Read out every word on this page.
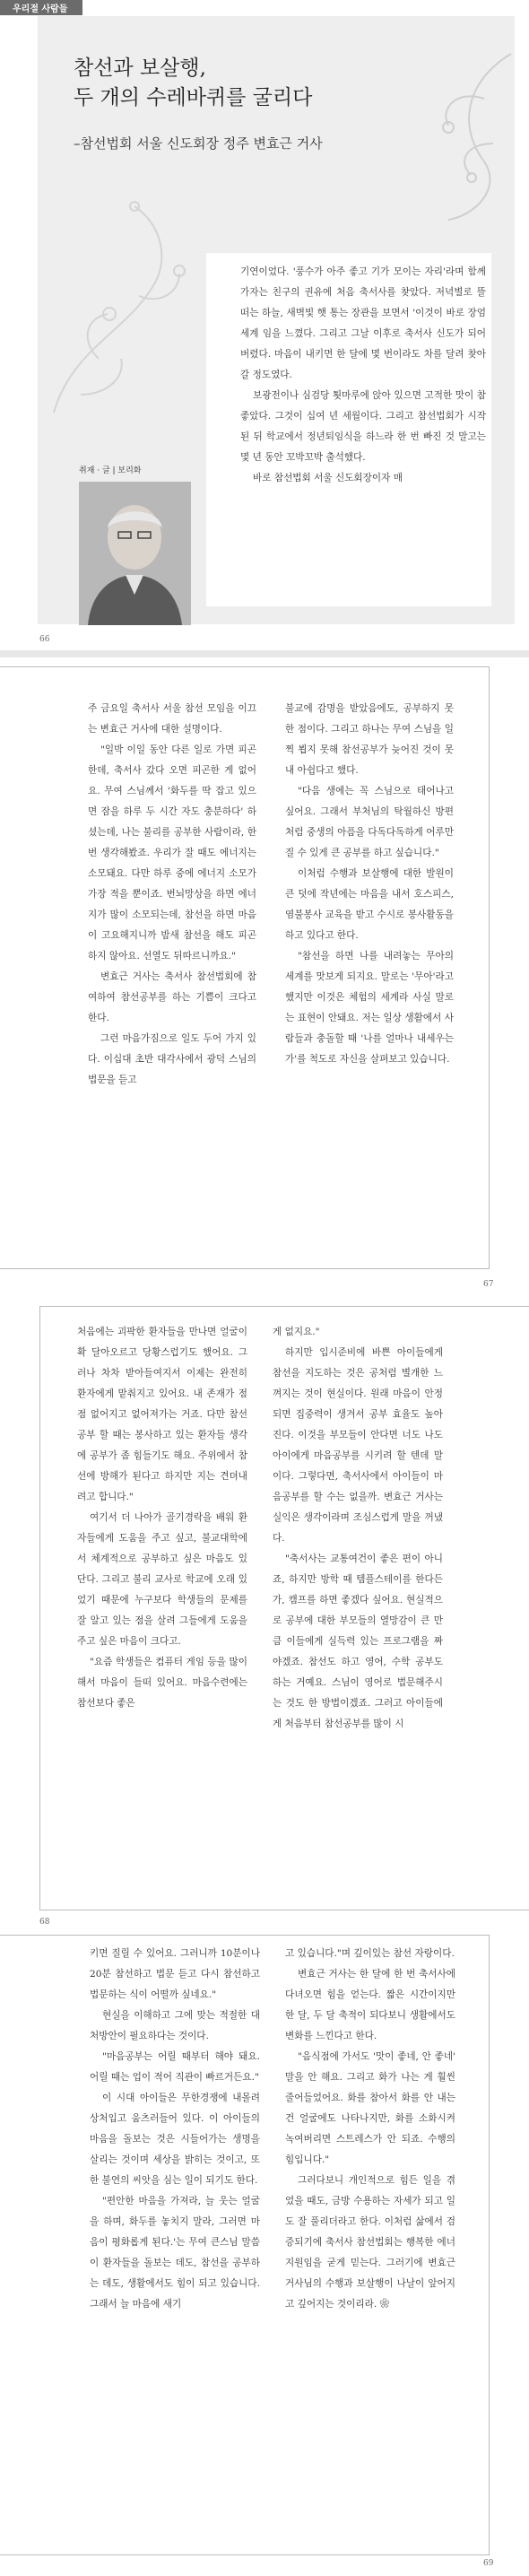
우리절 사람들
참선과 보살행,
두 개의 수레바퀴를 굴리다
–참선법회 서울 신도회장 정주 변효근 거사

기연이었다. '풍수가 아주 좋고 기가 모이는 자리'라며 함께 가자는 친구의 권유에 처음 축서사를 찾았다. 저녁별로 뜰 떠는 하늘, 새벽빛 햇 통는 장관을 보면서 '이것이 바로 장엄세계 임을 느꼈다. 그리고 그날 이후로 축서사 신도가 되어 버렸다. 마음이 내키면 한 달에 몇 번이라도 차를 달려 찾아갈 정도였다.

보광전이나 심검당 툇마루에 앉아 있으면 고적한 맛이 참 좋았다. 그것이 십여 년 세월이다. 그리고 참선법회가 시작된 뒤 학교에서 정년퇴임식을 하느라 한 번 빠진 것 말고는 몇 년 동안 꼬박꼬박 출석했다.

바로 참선법회 서울 신도회장이자 매

취재 · 글 | 보리화
66

주 금요일 축서사 서울 참선 모임을 이끄는 변효근 거사에 대한 설명이다.

"일박 이일 동안 다른 일로 가면 피곤한데, 축서사 갔다 오면 피곤한 게 없어요. 무여 스님께서 '화두를 딱 잡고 있으면 잠을 하루 두 시간 자도 충분하다' 하셨는데, 나는 불리를 공부한 사람이라, 한번 생각해봤죠. 우리가 잘 때도 에너지는 소모돼요. 다만 하루 중에 에너지 소모가 가장 적을 뿐이죠. 번뇌망상을 하면 에너지가 많이 소모되는데, 참선을 하면 마음이 고요해지니까 밤새 참선을 해도 피곤하지 않아요. 선열도 뒤따르니까요."

변효근 거사는 축서사 참선법회에 참여하여 참선공부를 하는 기쁨이 크다고 한다.

그런 마음가짐으로 일도 두어 가지 있다. 이십대 초반 대각사에서 광덕 스님의 법문을 듣고

불교에 감명을 받았음에도, 공부하지 못한 점이다. 그리고 하나는 무여 스님을 일찍 뵙지 못해 참선공부가 늦어진 것이 못내 아쉽다고 했다.

"다음 생에는 꼭 스님으로 태어나고 싶어요. 그래서 부처님의 탁월하신 방편처럼 중생의 아픔을 다독다독하게 어루만질 수 있게 큰 공부를 하고 싶습니다."

이처럼 수행과 보살행에 대한 발원이 큰 덧에 작년에는 마음을 내서 호스피스, 염불봉사 교육을 받고 수시로 봉사활동을 하고 있다고 한다.

"참선을 하면 나를 내려놓는 무아의 세계를 맛보게 되지요. 말로는 '무아'라고 했지만 이것은 체험의 세계라 사실 말로는 표현이 안돼요. 저는 일상 생활에서 사람들과 충돌할 때 '나를 얼마나 내세우는가'를 척도로 자신을 살펴보고 있습니다.

67

처음에는 괴팍한 환자들을 만나면 얼굴이 확 달아오르고 당황스럽기도 했어요. 그러나 차차 받아들여지서 이제는 완전히 환자에게 맡춰지고 있어요. 내 존재가 점점 없어지고 없어져가는 거죠. 다만 참선공부 할 때는 봉사하고 있는 환자들 생각에 공부가 좀 힘들기도 해요. 주위에서 참선에 방해가 된다고 하지만 지는 견뎌내려고 합니다."

여기서 더 나아가 골기경락을 배워 환자들에게 도움을 주고 싶고, 불교대학에서 체계적으로 공부하고 싶은 마음도 있단다. 그리고 불리 교사로 학교에 오래 있었기 때문에 누구보다 학생들의 문제를 잘 알고 있는 점을 살려 그들에게 도움을 주고 싶은 마음이 크다고.

"요즘 학생들은 컴퓨터 게임 등을 많이 해서 마음이 들떠 있어요. 마음수련에는 참선보다 좋은

게 없지요."

하지만 입시준비에 바쁜 아이들에게 참선을 지도하는 것은 공처럼 별개한 느껴지는 것이 현실이다. 원래 마음이 안정되면 집중력이 생겨서 공부 효율도 높아진다. 이것을 부모들이 안다면 너도 나도 아이에게 마음공부를 시키려 할 텐데 말이다. 그렇다면, 축서사에서 아이들이 마음공부를 할 수는 없을까. 변효근 거사는 실익은 생각이라며 조심스럽게 말을 꺼냈다.

"축서사는 교통여건이 좋은 편이 아니죠, 하지만 방학 때 템플스테이를 한다든가, 캠프를 하면 좋겠다 싶어요. 현실적으로 공부에 대한 부모들의 열망감이 큰 만큼 이들에게 실득력 있는 프로그램을 짜야겠죠. 참선도 하고 영어, 수학 공부도 하는 거예요. 스님이 영어로 법문해주시는 것도 한 방법이겠죠. 그러고 아이들에게 처음부터 참선공부를 많이 시

68

키면 질릴 수 있어요. 그러니까 10분이나 20분 참선하고 법문 듣고 다시 참선하고 법문하는 식이 어떨까 싶네요."

현실을 이해하고 그에 맞는 적절한 대처방안이 필요하다는 것이다.

"마음공부는 어릴 때부터 해야 돼요. 어릴 때는 업이 적어 직관이 빠르거든요."

이 시대 아이들은 무한경쟁에 내몰려 상처입고 움츠러들어 있다. 이 아이들의 마음을 돌보는 것은 시들어가는 생명을 살리는 것이며 세상을 밝히는 것이고, 또한 불연의 씨앗을 심는 일이 되기도 한다.

"편안한 마음을 가져라, 늘 웃는 얼굴을 하며, 화두를 놓치지 말라, 그러면 마음이 평화롭게 된다.'는 무여 큰스님 말씀이 환자들을 돌보는 데도, 참선을 공부하는 데도, 생활에서도 힘이 되고 있습니다. 그래서 늘 마음에 새기

고 있습니다."며 깊이있는 참선 자랑이다.

변효근 거사는 한 달에 한 번 축서사에 다녀오면 힘을 얻는다. 짧은 시간이지만 한 달, 두 달 축적이 되다보니 생활에서도 변화를 느낀다고 한다.

"음식점에 가서도 '맛이 좋네, 안 좋네' 말을 안 해요. 그리고 화가 나는 게 훨씬 줄어들었어요. 화를 참아서 화를 안 내는 건 얼굴에도 나타나지만, 화를 소화시켜 녹여버리면 스트레스가 안 되죠. 수행의 힘입니다."

그러다보니 개인적으로 힘든 일을 겪었을 때도, 금방 수용하는 자세가 되고 일도 잘 풀리더라고 한다. 이처럼 삶에서 검증되기에 축서사 참선법회는 행복한 에너지원임을 굳게 믿는다. 그러기에 변효근 거사님의 수행과 보살행이 나날이 앞어지고 깊어지는 것이리라. ❀

69
